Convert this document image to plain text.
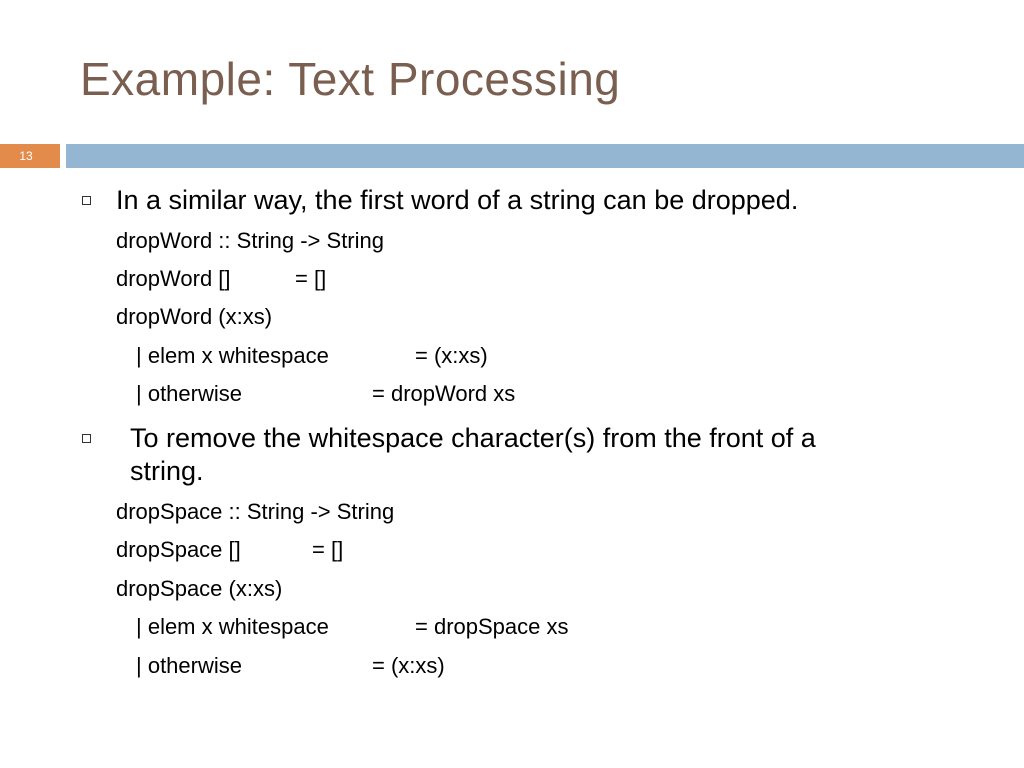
Example: Text Processing
13
In a similar way, the first word of a string can be dropped.
dropWord :: String -> String
dropWord []	= []
dropWord (x:xs)
| elem x whitespace	= (x:xs)
| otherwise	= dropWord xs
To remove the whitespace character(s) from the front of a
string.
dropSpace :: String -> String
dropSpace []	= []
dropSpace (x:xs)
| elem x whitespace	= dropSpace xs
| otherwise	= (x:xs)
